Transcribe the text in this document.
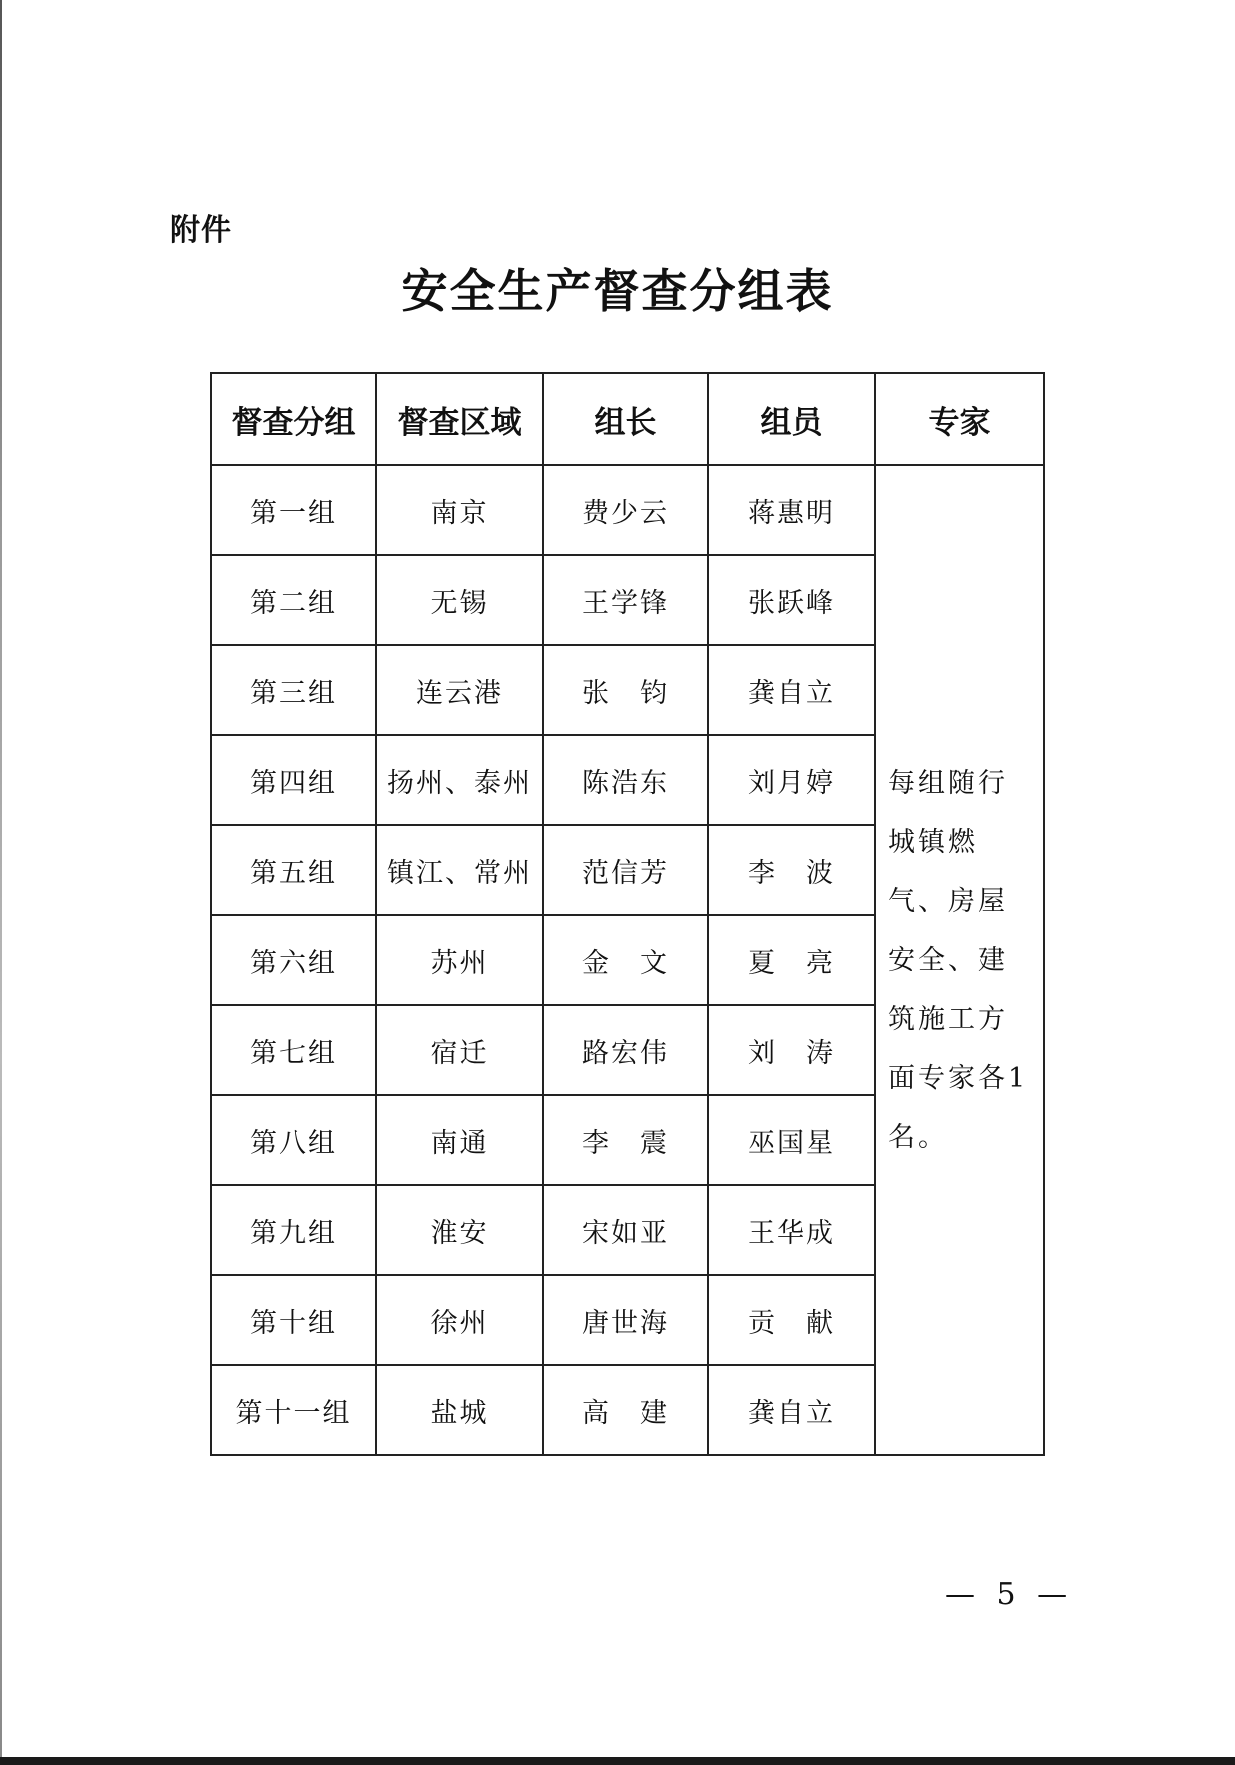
附件
安全生产督查分组表
督查分组	督查区域	组长	组员	专家
第一组	南京	费少云	蒋惠明	每组随行城镇燃气、房屋安全、建筑施工方面专家各1名。

第二组	无锡	王学锋	张跃峰	
第三组	连云港	张　钧	龚自立	
第四组	扬州、泰州	陈浩东	刘月婷	
第五组	镇江、常州	范信芳	李　波	
第六组	苏州	金　文	夏　亮	
第七组	宿迁	路宏伟	刘　涛	
第八组	南通	李　震	巫国星	
第九组	淮安	宋如亚	王华成	
第十组	徐州	唐世海	贡　献	
第十一组	盐城	高　建	龚自立	
— 5 —
